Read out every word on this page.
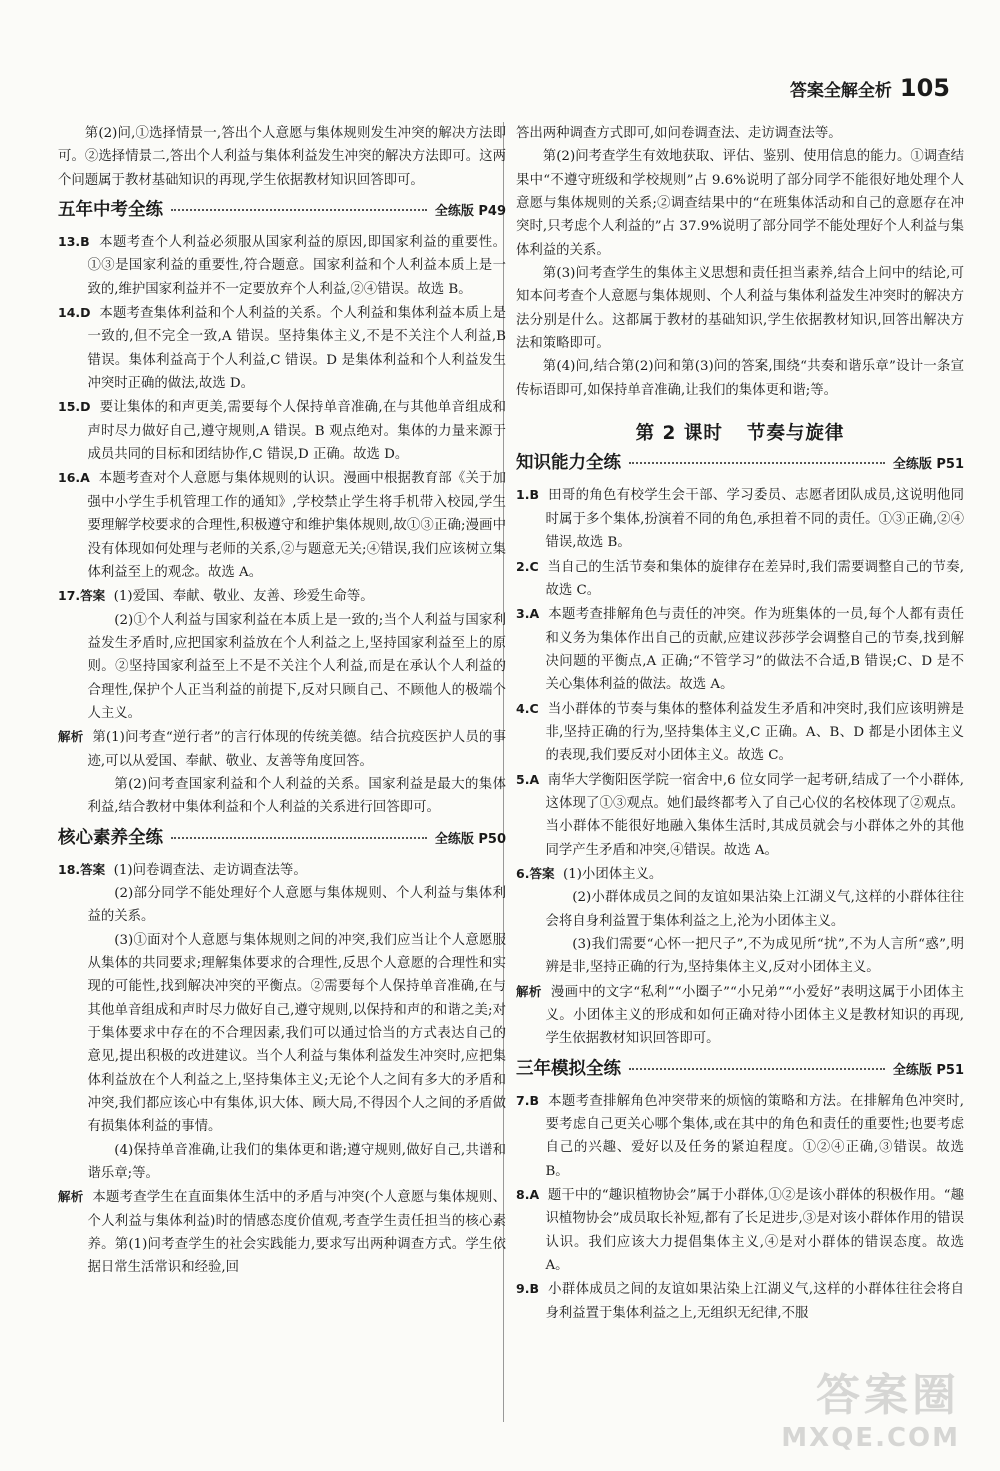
答案全解全析 105

第(2)问,①选择情景一,答出个人意愿与集体规则发生冲突的解决方法即可。②选择情景二,答出个人利益与集体利益发生冲突的解决方法即可。这两个问题属于教材基础知识的再现,学生依据教材知识回答即可。

五年中考全练	全练版 P49

13.B 本题考查个人利益必须服从国家利益的原因,即国家利益的重要性。①③是国家利益的重要性,符合题意。国家利益和个人利益本质上是一致的,维护国家利益并不一定要放弃个人利益,②④错误。故选 B。

14.D 本题考查集体利益和个人利益的关系。个人利益和集体利益本质上是一致的,但不完全一致,A 错误。坚持集体主义,不是不关注个人利益,B 错误。集体利益高于个人利益,C 错误。D 是集体利益和个人利益发生冲突时正确的做法,故选 D。

15.D 要让集体的和声更美,需要每个人保持单音准确,在与其他单音组成和声时尽力做好自己,遵守规则,A 错误。B 观点绝对。集体的力量来源于成员共同的目标和团结协作,C 错误,D 正确。故选 D。

16.A 本题考查对个人意愿与集体规则的认识。漫画中根据教育部《关于加强中小学生手机管理工作的通知》,学校禁止学生将手机带入校园,学生要理解学校要求的合理性,积极遵守和维护集体规则,故①③正确;漫画中没有体现如何处理与老师的关系,②与题意无关;④错误,我们应该树立集体利益至上的观念。故选 A。

17.答案 (1)爱国、奉献、敬业、友善、珍爱生命等。

(2)①个人利益与国家利益在本质上是一致的;当个人利益与国家利益发生矛盾时,应把国家利益放在个人利益之上,坚持国家利益至上的原则。②坚持国家利益至上不是不关注个人利益,而是在承认个人利益的合理性,保护个人正当利益的前提下,反对只顾自己、不顾他人的极端个人主义。

解析 第(1)问考查“逆行者”的言行体现的传统美德。结合抗疫医护人员的事迹,可以从爱国、奉献、敬业、友善等角度回答。

第(2)问考查国家利益和个人利益的关系。国家利益是最大的集体利益,结合教材中集体利益和个人利益的关系进行回答即可。

核心素养全练	全练版 P50

18.答案 (1)问卷调查法、走访调查法等。

(2)部分同学不能处理好个人意愿与集体规则、个人利益与集体利益的关系。

(3)①面对个人意愿与集体规则之间的冲突,我们应当让个人意愿服从集体的共同要求;理解集体要求的合理性,反思个人意愿的合理性和实现的可能性,找到解决冲突的平衡点。②需要每个人保持单音准确,在与其他单音组成和声时尽力做好自己,遵守规则,以保持和声的和谐之美;对于集体要求中存在的不合理因素,我们可以通过恰当的方式表达自己的意见,提出积极的改进建议。当个人利益与集体利益发生冲突时,应把集体利益放在个人利益之上,坚持集体主义;无论个人之间有多大的矛盾和冲突,我们都应该心中有集体,识大体、顾大局,不得因个人之间的矛盾做有损集体利益的事情。

(4)保持单音准确,让我们的集体更和谐;遵守规则,做好自己,共谱和谐乐章;等。

解析 本题考查学生在直面集体生活中的矛盾与冲突(个人意愿与集体规则、个人利益与集体利益)时的情感态度价值观,考查学生责任担当的核心素养。第(1)问考查学生的社会实践能力,要求写出两种调查方式。学生依据日常生活常识和经验,回

答出两种调查方式即可,如问卷调查法、走访调查法等。

第(2)问考查学生有效地获取、评估、鉴别、使用信息的能力。①调查结果中“不遵守班级和学校规则”占 9.6%说明了部分同学不能很好地处理个人意愿与集体规则的关系;②调查结果中的“在班集体活动和自己的意愿存在冲突时,只考虑个人利益的”占 37.9%说明了部分同学不能处理好个人利益与集体利益的关系。

第(3)问考查学生的集体主义思想和责任担当素养,结合上问中的结论,可知本问考查个人意愿与集体规则、个人利益与集体利益发生冲突时的解决方法分别是什么。这都属于教材的基础知识,学生依据教材知识,回答出解决方法和策略即可。

第(4)问,结合第(2)问和第(3)问的答案,围绕“共奏和谐乐章”设计一条宣传标语即可,如保持单音准确,让我们的集体更和谐;等。

第 2 课时 节奏与旋律
知识能力全练	全练版 P51

1.B 田哥的角色有校学生会干部、学习委员、志愿者团队成员,这说明他同时属于多个集体,扮演着不同的角色,承担着不同的责任。①③正确,②④错误,故选 B。

2.C 当自己的生活节奏和集体的旋律存在差异时,我们需要调整自己的节奏,故选 C。

3.A 本题考查排解角色与责任的冲突。作为班集体的一员,每个人都有责任和义务为集体作出自己的贡献,应建议莎莎学会调整自己的节奏,找到解决问题的平衡点,A 正确;“不管学习”的做法不合适,B 错误;C、D 是不关心集体利益的做法。故选 A。

4.C 当小群体的节奏与集体的整体利益发生矛盾和冲突时,我们应该明辨是非,坚持正确的行为,坚持集体主义,C 正确。A、B、D 都是小团体主义的表现,我们要反对小团体主义。故选 C。

5.A 南华大学衡阳医学院一宿舍中,6 位女同学一起考研,结成了一个小群体,这体现了①③观点。她们最终都考入了自己心仪的名校体现了②观点。当小群体不能很好地融入集体生活时,其成员就会与小群体之外的其他同学产生矛盾和冲突,④错误。故选 A。

6.答案 (1)小团体主义。

(2)小群体成员之间的友谊如果沾染上江湖义气,这样的小群体往往会将自身利益置于集体利益之上,沦为小团体主义。

(3)我们需要“心怀一把尺子”,不为成见所“扰”,不为人言所“惑”,明辨是非,坚持正确的行为,坚持集体主义,反对小团体主义。

解析 漫画中的文字“私利”“小圈子”“小兄弟”“小爱好”表明这属于小团体主义。小团体主义的形成和如何正确对待小团体主义是教材知识的再现,学生依据教材知识回答即可。

三年模拟全练	全练版 P51

7.B 本题考查排解角色冲突带来的烦恼的策略和方法。在排解角色冲突时,要考虑自己更关心哪个集体,或在其中的角色和责任的重要性;也要考虑自己的兴趣、爱好以及任务的紧迫程度。①②④正确,③错误。故选 B。

8.A 题干中的“趣识植物协会”属于小群体,①②是该小群体的积极作用。“趣识植物协会”成员取长补短,都有了长足进步,③是对该小群体作用的错误认识。我们应该大力提倡集体主义,④是对小群体的错误态度。故选 A。

9.B 小群体成员之间的友谊如果沾染上江湖义气,这样的小群体往往会将自身利益置于集体利益之上,无组织无纪律,不服

答案圈
MXQE.COM
